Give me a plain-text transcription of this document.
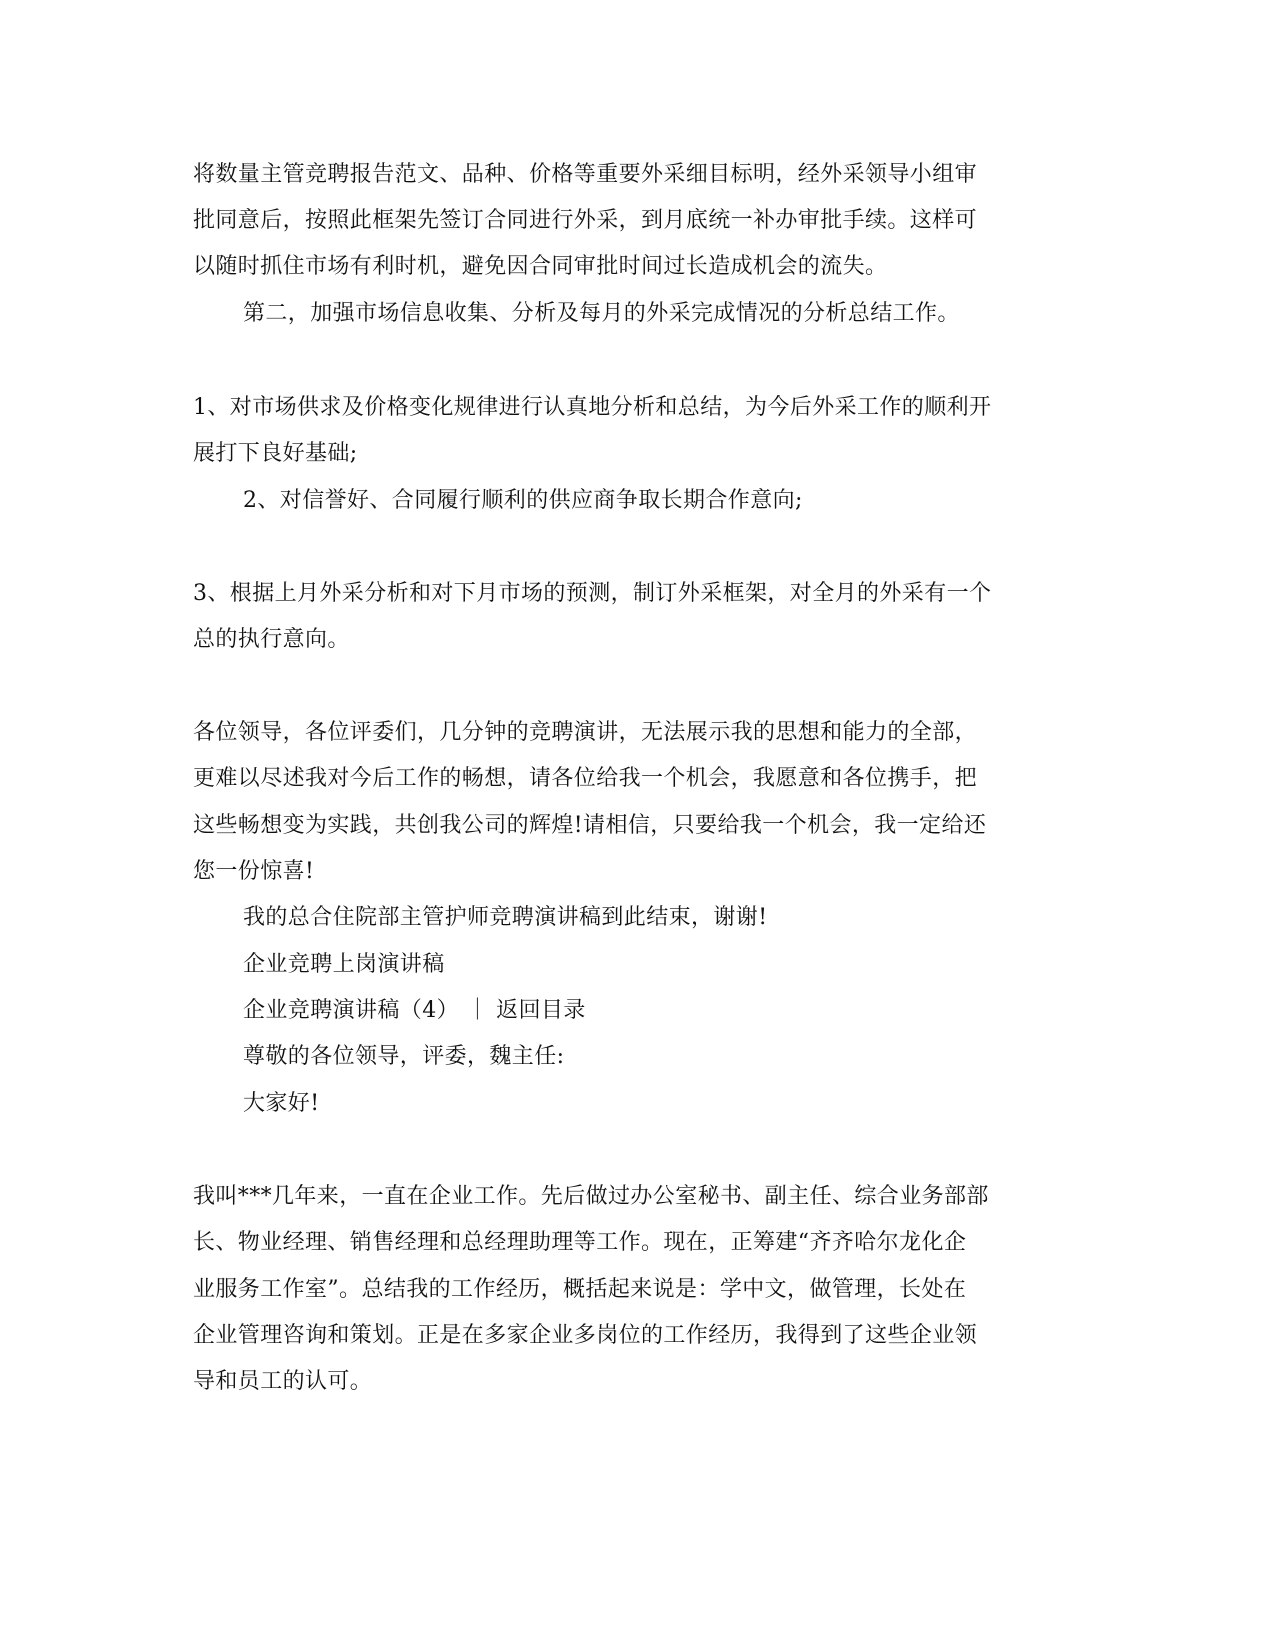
将数量主管竞聘报告范文、品种、价格等重要外采细目标明，经外采领导小组审
批同意后，按照此框架先签订合同进行外采，到月底统一补办审批手续。这样可
以随时抓住市场有利时机，避免因合同审批时间过长造成机会的流失。
第二，加强市场信息收集、分析及每月的外采完成情况的分析总结工作。
1、对市场供求及价格变化规律进行认真地分析和总结，为今后外采工作的顺利开
展打下良好基础;
2、对信誉好、合同履行顺利的供应商争取长期合作意向;
3、根据上月外采分析和对下月市场的预测，制订外采框架，对全月的外采有一个
总的执行意向。
各位领导，各位评委们，几分钟的竞聘演讲，无法展示我的思想和能力的全部，
更难以尽述我对今后工作的畅想，请各位给我一个机会，我愿意和各位携手，把
这些畅想变为实践，共创我公司的辉煌!请相信，只要给我一个机会，我一定给还
您一份惊喜!
我的总合住院部主管护师竞聘演讲稿到此结束，谢谢!
企业竞聘上岗演讲稿
企业竞聘演讲稿（4） ｜ 返回目录
尊敬的各位领导，评委，魏主任:
大家好!
我叫***几年来，一直在企业工作。先后做过办公室秘书、副主任、综合业务部部
长、物业经理、销售经理和总经理助理等工作。现在，正筹建“齐齐哈尔龙化企
业服务工作室”。总结我的工作经历，概括起来说是：学中文，做管理，长处在
企业管理咨询和策划。正是在多家企业多岗位的工作经历，我得到了这些企业领
导和员工的认可。
